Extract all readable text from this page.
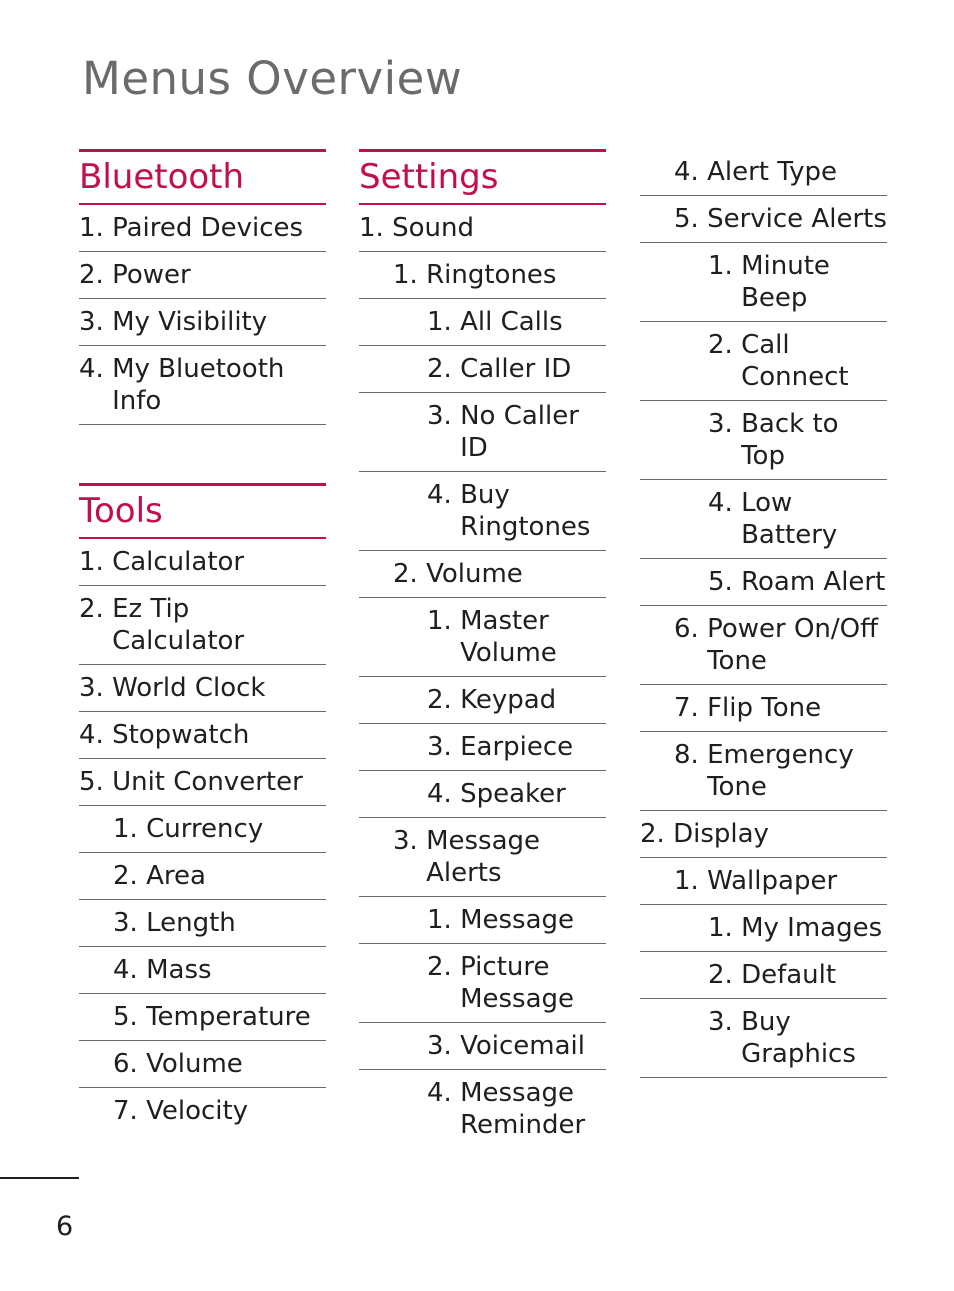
Menus Overview
Bluetooth
1.
Paired Devices
2.
Power
3.
My Visibility
4.
My Bluetooth Info
Tools
1.
Calculator
2.
Ez Tip Calculator
3.
World Clock
4.
Stopwatch
5.
Unit Converter
1.
Currency
2.
Area
3.
Length
4.
Mass
5.
Temperature
6.
Volume
7.
Velocity
Settings
1.
Sound
1.
Ringtones
1.
All Calls
2.
Caller ID
3.
No Caller ID
4.
Buy Ringtones
2.
Volume
1.
Master Volume
2.
Keypad
3.
Earpiece
4.
Speaker
3.
Message Alerts
1.
Message
2.
Picture Message
3.
Voicemail
4.
Message Reminder
4.
Alert Type
5.
Service Alerts
1.
Minute Beep
2.
Call Connect
3.
Back to Top
4.
Low Battery
5.
Roam Alert
6.
Power On/Off Tone
7.
Flip Tone
8.
Emergency Tone
2.
Display
1.
Wallpaper
1.
My Images
2.
Default
3.
Buy Graphics
6
